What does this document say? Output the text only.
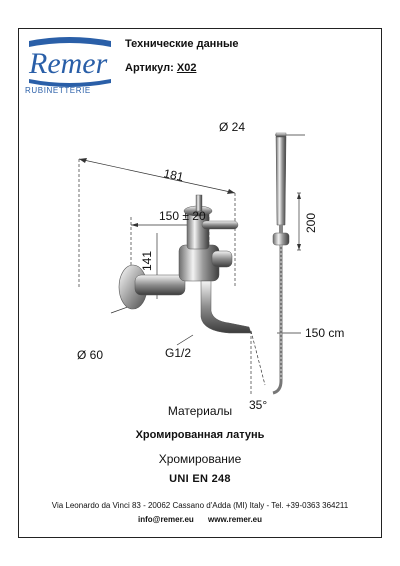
Remer
RUBINETTERIE
Технические данные
Артикул: X02
Ø 24
181
150 ± 20
141
200
150 cm
Ø 60	G1/2
35°
Материалы
Хромированная латунь
Хромирование
UNI EN 248
Via Leonardo da Vinci 83 - 20062 Cassano d'Adda (MI) Italy - Tel. +39-0363 364211
info@remer.eu www.remer.eu
